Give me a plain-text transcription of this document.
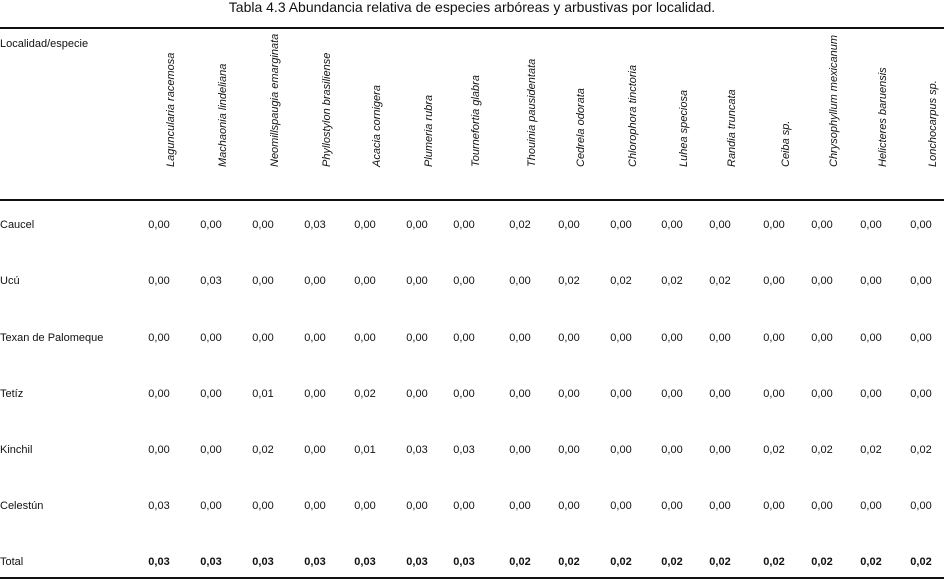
Tabla 4.3 Abundancia relativa de especies arbóreas y arbustivas por localidad.
Localidad/especie
Laguncularia racemosa	Machaonia lindeliana	Neomillspaugia emarginata	Phyllostylon brasiliense	Acacia cornigera	Plumeria rubra	Tournefortia glabra	Thouinia pausidentata	Cedrela odorata	Chlorophora tinctoria	Luhea speciosa	Randia truncata	Ceiba sp.	Chrysophyllum mexicanum	Helicteres baruensis	Lonchocarpus sp.
Caucel	0,00	0,00	0,00	0,03	0,00	0,00	0,00	0,02	0,00	0,00	0,00	0,00	0,00	0,00	0,00	0,00
Ucú	0,00	0,03	0,00	0,00	0,00	0,00	0,00	0,00	0,02	0,02	0,02	0,02	0,00	0,00	0,00	0,00
Texan de Palomeque	0,00	0,00	0,00	0,00	0,00	0,00	0,00	0,00	0,00	0,00	0,00	0,00	0,00	0,00	0,00	0,00
Tetíz	0,00	0,00	0,01	0,00	0,02	0,00	0,00	0,00	0,00	0,00	0,00	0,00	0,00	0,00	0,00	0,00
Kinchil	0,00	0,00	0,02	0,00	0,01	0,03	0,03	0,00	0,00	0,00	0,00	0,00	0,02	0,02	0,02	0,02
Celestún	0,03	0,00	0,00	0,00	0,00	0,00	0,00	0,00	0,00	0,00	0,00	0,00	0,00	0,00	0,00	0,00
Total	0,03	0,03	0,03	0,03	0,03	0,03	0,03	0,02	0,02	0,02	0,02	0,02	0,02	0,02	0,02	0,02
